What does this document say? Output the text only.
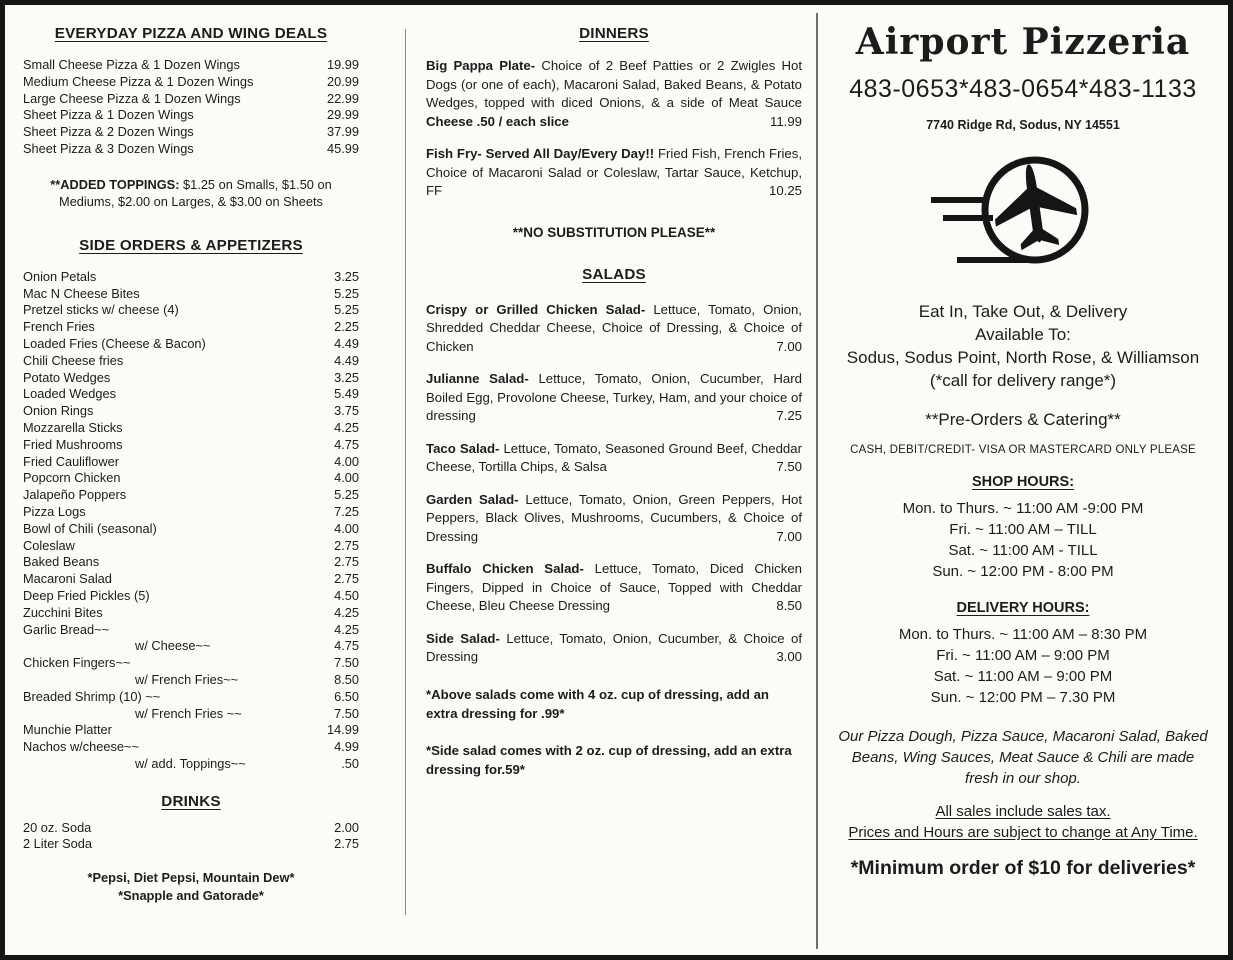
EVERYDAY PIZZA AND WING DEALS
Small Cheese Pizza & 1 Dozen Wings	19.99
Medium Cheese Pizza & 1 Dozen Wings	20.99
Large Cheese Pizza & 1 Dozen Wings	22.99
Sheet Pizza & 1 Dozen Wings	29.99
Sheet Pizza & 2 Dozen Wings	37.99
Sheet Pizza & 3 Dozen Wings	45.99

**ADDED TOPPINGS: $1.25 on Smalls, $1.50 on Mediums, $2.00 on Larges, & $3.00 on Sheets

SIDE ORDERS & APPETIZERS
Onion Petals	3.25
Mac N Cheese Bites	5.25
Pretzel sticks w/ cheese (4)	5.25
French Fries	2.25
Loaded Fries (Cheese & Bacon)	4.49
Chili Cheese fries	4.49
Potato Wedges	3.25
Loaded Wedges	5.49
Onion Rings	3.75
Mozzarella Sticks	4.25
Fried Mushrooms	4.75
Fried Cauliflower	4.00
Popcorn Chicken	4.00
Jalapeño Poppers	5.25
Pizza Logs	7.25
Bowl of Chili (seasonal)	4.00
Coleslaw	2.75
Baked Beans	2.75
Macaroni Salad	2.75
Deep Fried Pickles (5)	4.50
Zucchini Bites	4.25
Garlic Bread~~	4.25
w/ Cheese~~	4.75
Chicken Fingers~~	7.50
w/ French Fries~~	8.50
Breaded Shrimp (10) ~~	6.50
w/ French Fries ~~	7.50
Munchie Platter	14.99
Nachos w/cheese~~	4.99
w/ add. Toppings~~	.50
DRINKS
20 oz. Soda	2.00
2 Liter Soda	2.75
*Pepsi, Diet Pepsi, Mountain Dew*
*Snapple and Gatorade*
DINNERS

Big Pappa Plate- Choice of 2 Beef Patties or 2 Zwigles Hot Dogs (or one of each), Macaroni Salad, Baked Beans, & Potato Wedges, topped with diced Onions, & a side of Meat Sauce Cheese .50 / each slice	11.99

Fish Fry- Served All Day/Every Day!! Fried Fish, French Fries, Choice of Macaroni Salad or Coleslaw, Tartar Sauce, Ketchup, FF	10.25

**NO SUBSTITUTION PLEASE**

SALADS

Crispy or Grilled Chicken Salad- Lettuce, Tomato, Onion, Shredded Cheddar Cheese, Choice of Dressing, & Choice of Chicken	7.00

Julianne Salad- Lettuce, Tomato, Onion, Cucumber, Hard Boiled Egg, Provolone Cheese, Turkey, Ham, and your choice of dressing	7.25

Taco Salad- Lettuce, Tomato, Seasoned Ground Beef, Cheddar Cheese, Tortilla Chips, & Salsa	7.50

Garden Salad- Lettuce, Tomato, Onion, Green Peppers, Hot Peppers, Black Olives, Mushrooms, Cucumbers, & Choice of Dressing	7.00

Buffalo Chicken Salad- Lettuce, Tomato, Diced Chicken Fingers, Dipped in Choice of Sauce, Topped with Cheddar Cheese, Bleu Cheese Dressing	8.50

Side Salad- Lettuce, Tomato, Onion, Cucumber, & Choice of Dressing	3.00

*Above salads come with 4 oz. cup of dressing, add an extra dressing for .99*

*Side salad comes with 2 oz. cup of dressing, add an extra dressing for.59*

Airport Pizzeria
483-0653*483-0654*483-1133
7740 Ridge Rd, Sodus, NY 14551
Eat In, Take Out, & Delivery
Available To:
Sodus, Sodus Point, North Rose, & Williamson
(*call for delivery range*)
**Pre-Orders & Catering**
CASH, DEBIT/CREDIT- VISA OR MASTERCARD ONLY PLEASE
SHOP HOURS:
Mon. to Thurs. ~ 11:00 AM -9:00 PM
Fri. ~ 11:00 AM – TILL
Sat. ~ 11:00 AM - TILL
Sun. ~ 12:00 PM - 8:00 PM
DELIVERY HOURS:
Mon. to Thurs. ~ 11:00 AM – 8:30 PM
Fri. ~ 11:00 AM – 9:00 PM
Sat. ~ 11:00 AM – 9:00 PM
Sun. ~ 12:00 PM – 7.30 PM

Our Pizza Dough, Pizza Sauce, Macaroni Salad, Baked Beans, Wing Sauces, Meat Sauce & Chili are made fresh in our shop.

All sales include sales tax.

Prices and Hours are subject to change at Any Time.

*Minimum order of $10 for deliveries*
